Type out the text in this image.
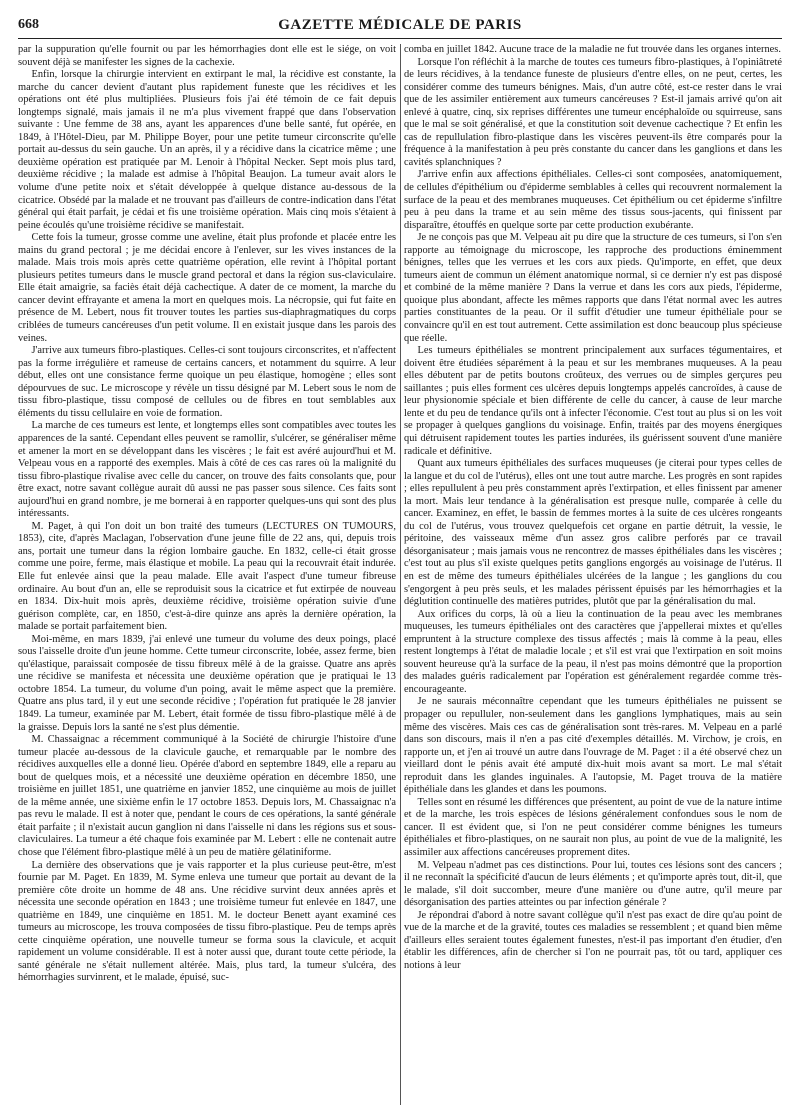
668	GAZETTE MÉDICALE DE PARIS

par la suppuration qu'elle fournit ou par les hémorrhagies dont elle est le siége, on voit souvent déjà se manifester les signes de la cachexie.

Enfin, lorsque la chirurgie intervient en extirpant le mal, la récidive est constante, la marche du cancer devient d'autant plus rapidement funeste que les récidives et les opérations ont été plus multipliées. Plusieurs fois j'ai été témoin de ce fait depuis longtemps signalé, mais jamais il ne m'a plus vivement frappé que dans l'observation suivante : Une femme de 38 ans, ayant les apparences d'une belle santé, fut opérée, en 1849, à l'Hôtel-Dieu, par M. Philippe Boyer, pour une petite tumeur circonscrite qu'elle portait au-dessus du sein gauche. Un an après, il y a récidive dans la cicatrice même ; une deuxième opération est pratiquée par M. Lenoir à l'hôpital Necker. Sept mois plus tard, deuxième récidive ; la malade est admise à l'hôpital Beaujon. La tumeur avait alors le volume d'une petite noix et s'était développée à quelque distance au-dessous de la cicatrice. Obsédé par la malade et ne trouvant pas d'ailleurs de contre-indication dans l'état général qui était parfait, je cédai et fis une troisième opération. Mais cinq mois s'étaient à peine écoulés qu'une troisième récidive se manifestait.

Cette fois la tumeur, grosse comme une aveline, était plus profonde et placée entre les mains du grand pectoral ; je me décidai encore à l'enlever, sur les vives instances de la malade. Mais trois mois après cette quatrième opération, elle revint à l'hôpital portant plusieurs petites tumeurs dans le muscle grand pectoral et dans la région sus-claviculaire. Elle était amaigrie, sa faciès était déjà cachectique. A dater de ce moment, la marche du cancer devint effrayante et amena la mort en quelques mois. La nécropsie, qui fut faite en présence de M. Lebert, nous fit trouver toutes les parties sus-diaphragmatiques du corps criblées de tumeurs cancéreuses d'un petit volume. Il en existait jusque dans les parois des veines.

J'arrive aux tumeurs fibro-plastiques. Celles-ci sont toujours circonscrites, et n'affectent pas la forme irrégulière et rameuse de certains cancers, et notamment du squirre. A leur début, elles ont une consistance ferme quoique un peu élastique, homogène ; elles sont dépourvues de suc. Le microscope y révèle un tissu désigné par M. Lebert sous le nom de tissu fibro-plastique, tissu composé de cellules ou de fibres en tout semblables aux éléments du tissu cellulaire en voie de formation.

La marche de ces tumeurs est lente, et longtemps elles sont compatibles avec toutes les apparences de la santé. Cependant elles peuvent se ramollir, s'ulcérer, se généraliser même et amener la mort en se développant dans les viscères ; le fait est avéré aujourd'hui et M. Velpeau vous en a rapporté des exemples. Mais à côté de ces cas rares où la malignité du tissu fibro-plastique rivalise avec celle du cancer, on trouve des faits consolants que, pour être exact, notre savant collègue aurait dû aussi ne pas passer sous silence. Ces faits sont aujourd'hui en grand nombre, je me bornerai à en rapporter quelques-uns qui sont des plus intéressants.

M. Paget, à qui l'on doit un bon traité des tumeurs (LECTURES ON TUMOURS, 1853), cite, d'après Maclagan, l'observation d'une jeune fille de 22 ans, qui, depuis trois ans, portait une tumeur dans la région lombaire gauche. En 1832, celle-ci était grosse comme une poire, ferme, mais élastique et mobile. La peau qui la recouvrait était indurée. Elle fut enlevée ainsi que la peau malade. Elle avait l'aspect d'une tumeur fibreuse ordinaire. Au bout d'un an, elle se reproduisit sous la cicatrice et fut extirpée de nouveau en 1834. Dix-huit mois après, deuxième récidive, troisième opération suivie d'une guérison complète, car, en 1850, c'est-à-dire quinze ans après la dernière opération, la malade se portait parfaitement bien.

Moi-même, en mars 1839, j'ai enlevé une tumeur du volume des deux poings, placé sous l'aisselle droite d'un jeune homme. Cette tumeur circonscrite, lobée, assez ferme, bien qu'élastique, paraissait composée de tissu fibreux mêlé à de la graisse. Quatre ans après une récidive se manifesta et nécessita une deuxième opération que je pratiquai le 13 octobre 1854. La tumeur, du volume d'un poing, avait le même aspect que la première. Quatre ans plus tard, il y eut une seconde récidive ; l'opération fut pratiquée le 28 janvier 1849. La tumeur, examinée par M. Lebert, était formée de tissu fibro-plastique mêlé à de la graisse. Depuis lors la santé ne s'est plus démentie.

M. Chassaignac a récemment communiqué à la Société de chirurgie l'histoire d'une tumeur placée au-dessous de la clavicule gauche, et remarquable par le nombre des récidives auxquelles elle a donné lieu. Opérée d'abord en septembre 1849, elle a reparu au bout de quelques mois, et a nécessité une deuxième opération en décembre 1850, une troisième en juillet 1851, une quatrième en janvier 1852, une cinquième au mois de juillet de la même année, une sixième enfin le 17 octobre 1853. Depuis lors, M. Chassaignac n'a pas revu le malade. Il est à noter que, pendant le cours de ces opérations, la santé générale était parfaite ; il n'existait aucun ganglion ni dans l'aisselle ni dans les régions sus et sous-claviculaires. La tumeur a été chaque fois examinée par M. Lebert : elle ne contenait autre chose que l'élément fibro-plastique mêlé à un peu de matière gélatiniforme.

La dernière des observations que je vais rapporter et la plus curieuse peut-être, m'est fournie par M. Paget. En 1839, M. Syme enleva une tumeur que portait au devant de la première côte droite un homme de 48 ans. Une récidive survint deux années après et nécessita une seconde opération en 1843 ; une troisième tumeur fut enlevée en 1847, une quatrième en 1849, une cinquième en 1851. M. le docteur Benett ayant examiné ces tumeurs au microscope, les trouva composées de tissu fibro-plastique. Peu de temps après cette cinquième opération, une nouvelle tumeur se forma sous la clavicule, et acquit rapidement un volume considérable. Il est à noter aussi que, durant toute cette période, la santé générale ne s'était nullement altérée. Mais, plus tard, la tumeur s'ulcéra, des hémorrhagies survinrent, et le malade, épuisé, suc-

comba en juillet 1842. Aucune trace de la maladie ne fut trouvée dans les organes internes.

Lorsque l'on réfléchit à la marche de toutes ces tumeurs fibro-plastiques, à l'opiniâtreté de leurs récidives, à la tendance funeste de plusieurs d'entre elles, on ne peut, certes, les considérer comme des tumeurs bénignes. Mais, d'un autre côté, est-ce rester dans le vrai que de les assimiler entièrement aux tumeurs cancéreuses ? Est-il jamais arrivé qu'on ait enlevé à quatre, cinq, six reprises différentes une tumeur encéphaloïde ou squirreuse, sans que le mal se soit généralisé, et que la constitution soit devenue cachectique ? Et enfin les cas de repullulation fibro-plastique dans les viscères peuvent-ils être comparés pour la fréquence à la manifestation à peu près constante du cancer dans les ganglions et dans les cavités splanchniques ?

J'arrive enfin aux affections épithéliales. Celles-ci sont composées, anatomiquement, de cellules d'épithélium ou d'épiderme semblables à celles qui recouvrent normalement la surface de la peau et des membranes muqueuses. Cet épithélium ou cet épiderme s'infiltre peu à peu dans la trame et au sein même des tissus sous-jacents, qui finissent par disparaître, étouffés en quelque sorte par cette production exubérante.

Je ne conçois pas que M. Velpeau ait pu dire que la structure de ces tumeurs, si l'on s'en rapporte au témoignage du microscope, les rapproche des productions éminemment bénignes, telles que les verrues et les cors aux pieds. Qu'importe, en effet, que deux tumeurs aient de commun un élément anatomique normal, si ce dernier n'y est pas disposé et combiné de la même manière ? Dans la verrue et dans les cors aux pieds, l'épiderme, quoique plus abondant, affecte les mêmes rapports que dans l'état normal avec les autres parties constituantes de la peau. Or il suffit d'étudier une tumeur épithéliale pour se convaincre qu'il en est tout autrement. Cette assimilation est donc beaucoup plus spécieuse que réelle.

Les tumeurs épithéliales se montrent principalement aux surfaces tégumentaires, et doivent être étudiées séparément à la peau et sur les membranes muqueuses. A la peau elles débutent par de petits boutons croûteux, des verrues ou de simples gerçures peu saillantes ; puis elles forment ces ulcères depuis longtemps appelés cancroïdes, à cause de leur physionomie spéciale et bien différente de celle du cancer, à cause de leur marche lente et du peu de tendance qu'ils ont à infecter l'économie. C'est tout au plus si on les voit se propager à quelques ganglions du voisinage. Enfin, traités par des moyens énergiques qui détruisent rapidement toutes les parties indurées, ils guérissent souvent d'une manière radicale et définitive.

Quant aux tumeurs épithéliales des surfaces muqueuses (je citerai pour types celles de la langue et du col de l'utérus), elles ont une tout autre marche. Les progrès en sont rapides ; elles repullulent à peu près constamment après l'extirpation, et elles finissent par amener la mort. Mais leur tendance à la généralisation est presque nulle, comparée à celle du cancer. Examinez, en effet, le bassin de femmes mortes à la suite de ces ulcères rongeants du col de l'utérus, vous trouvez quelquefois cet organe en partie détruit, la vessie, le péritoine, des vaisseaux même d'un assez gros calibre perforés par ce travail désorganisateur ; mais jamais vous ne rencontrez de masses épithéliales dans les viscères ; c'est tout au plus s'il existe quelques petits ganglions engorgés au voisinage de l'utérus. Il en est de même des tumeurs épithéliales ulcérées de la langue ; les ganglions du cou s'engorgent à peu près seuls, et les malades périssent épuisés par les hémorrhagies et la déglutition continuelle des matières putrides, plutôt que par la généralisation du mal.

Aux orifices du corps, là où a lieu la continuation de la peau avec les membranes muqueuses, les tumeurs épithéliales ont des caractères que j'appellerai mixtes et qu'elles empruntent à la structure complexe des tissus affectés ; mais là comme à la peau, elles restent longtemps à l'état de maladie locale ; et s'il est vrai que l'extirpation en soit moins souvent heureuse qu'à la surface de la peau, il n'est pas moins démontré que la proportion des malades guéris radicalement par l'opération est généralement regardée comme très-encourageante.

Je ne saurais méconnaître cependant que les tumeurs épithéliales ne puissent se propager ou repulluler, non-seulement dans les ganglions lymphatiques, mais au sein même des viscères. Mais ces cas de généralisation sont très-rares. M. Velpeau en a parlé dans son discours, mais il n'en a pas cité d'exemples détaillés. M. Virchow, je crois, en rapporte un, et j'en ai trouvé un autre dans l'ouvrage de M. Paget : il a été observé chez un vieillard dont le pénis avait été amputé dix-huit mois avant sa mort. Le mal s'était reproduit dans les glandes inguinales. A l'autopsie, M. Paget trouva de la matière épithéliale dans les glandes et dans les poumons.

Telles sont en résumé les différences que présentent, au point de vue de la nature intime et de la marche, les trois espèces de lésions généralement confondues sous le nom de cancer. Il est évident que, si l'on ne peut considérer comme bénignes les tumeurs épithéliales et fibro-plastiques, on ne saurait non plus, au point de vue de la malignité, les assimiler aux affections cancéreuses proprement dites.

M. Velpeau n'admet pas ces distinctions. Pour lui, toutes ces lésions sont des cancers ; il ne reconnaît la spécificité d'aucun de leurs éléments ; et qu'importe après tout, dit-il, que le malade, s'il doit succomber, meure d'une manière ou d'une autre, qu'il meure par désorganisation des parties atteintes ou par infection générale ?

Je répondrai d'abord à notre savant collègue qu'il n'est pas exact de dire qu'au point de vue de la marche et de la gravité, toutes ces maladies se ressemblent ; et quand bien même d'ailleurs elles seraient toutes également funestes, n'est-il pas important d'en étudier, d'en établir les différences, afin de chercher si l'on ne pourrait pas, tôt ou tard, appliquer ces notions à leur
